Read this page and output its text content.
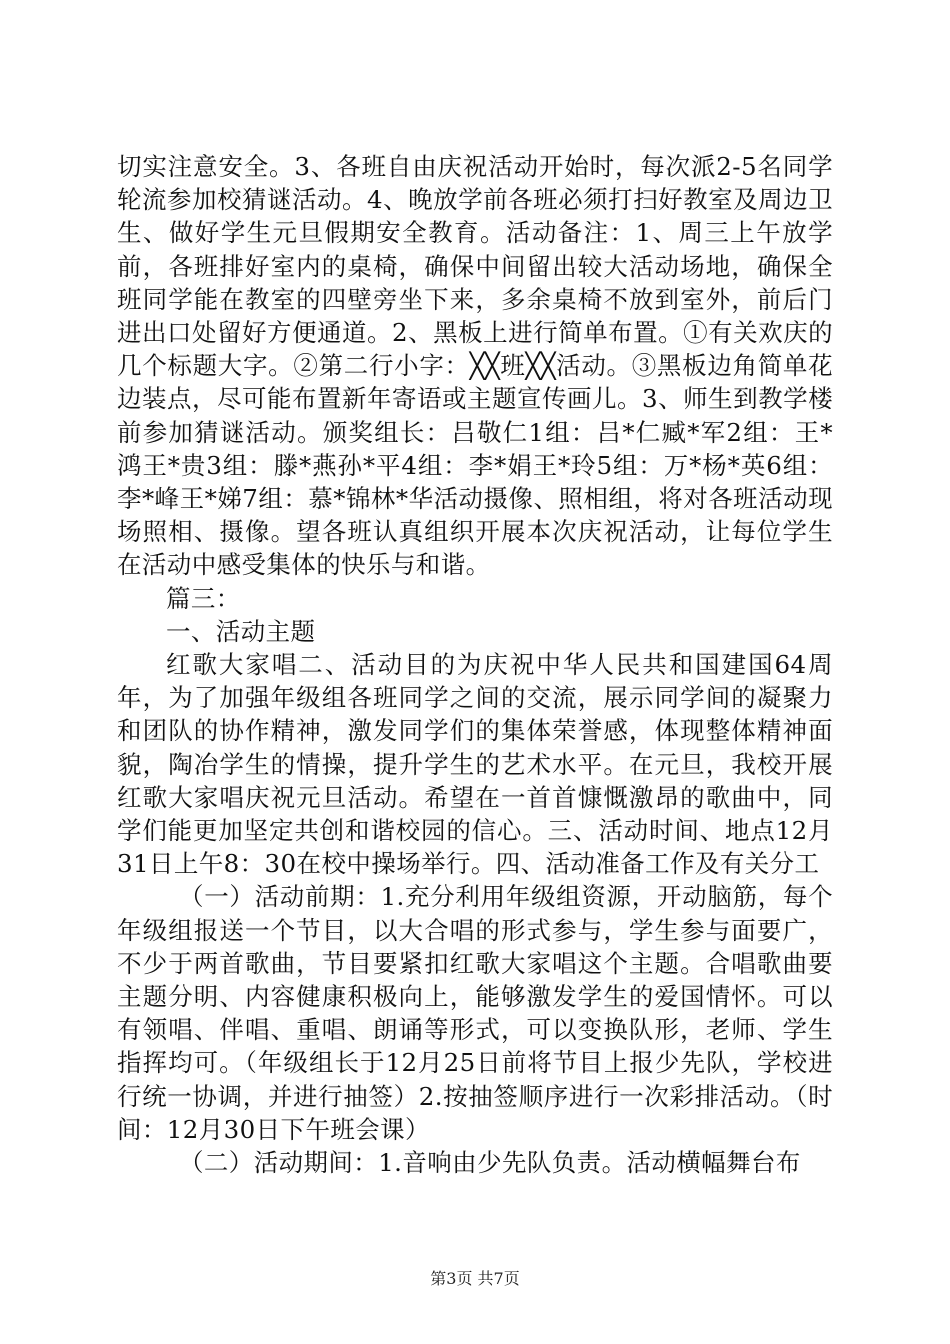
切实注意安全。3、各班自由庆祝活动开始时，每次派2-5名同学轮流参加校猜谜活动。4、晚放学前各班必须打扫好教室及周边卫生、做好学生元旦假期安全教育。活动备注：1、周三上午放学前，各班排好室内的桌椅，确保中间留出较大活动场地，确保全班同学能在教室的四壁旁坐下来，多余桌椅不放到室外，前后门进出口处留好方便通道。2、黑板上进行简单布置。①有关欢庆的几个标题大字。②第二行小字：╳╳班╳╳活动。③黑板边角简单花边装点，尽可能布置新年寄语或主题宣传画儿。3、师生到教学楼前参加猜谜活动。颁奖组长：吕敬仁1组：吕*仁臧*军2组：王*鸿王*贵3组：滕*燕孙*平4组：李*娟王*玲5组：万*杨*英6组：李*峰王*娣7组：慕*锦林*华活动摄像、照相组，将对各班活动现场照相、摄像。望各班认真组织开展本次庆祝活动，让每位学生在活动中感受集体的快乐与和谐。

篇三：

一、活动主题

红歌大家唱二、活动目的为庆祝中华人民共和国建国64周年，为了加强年级组各班同学之间的交流，展示同学间的凝聚力和团队的协作精神，激发同学们的集体荣誉感，体现整体精神面貌，陶冶学生的情操，提升学生的艺术水平。在元旦，我校开展红歌大家唱庆祝元旦活动。希望在一首首慷慨激昂的歌曲中，同学们能更加坚定共创和谐校园的信心。三、活动时间、地点12月31日上午8：30在校中操场举行。四、活动准备工作及有关分工

（一）活动前期：1.充分利用年级组资源，开动脑筋，每个年级组报送一个节目，以大合唱的形式参与，学生参与面要广，不少于两首歌曲，节目要紧扣红歌大家唱这个主题。合唱歌曲要主题分明、内容健康积极向上，能够激发学生的爱国情怀。可以有领唱、伴唱、重唱、朗诵等形式，可以变换队形，老师、学生指挥均可。（年级组长于12月25日前将节目上报少先队，学校进行统一协调，并进行抽签）2.按抽签顺序进行一次彩排活动。（时间：12月30日下午班会课）

（二）活动期间：1.音响由少先队负责。活动横幅舞台布

第3页 共7页
